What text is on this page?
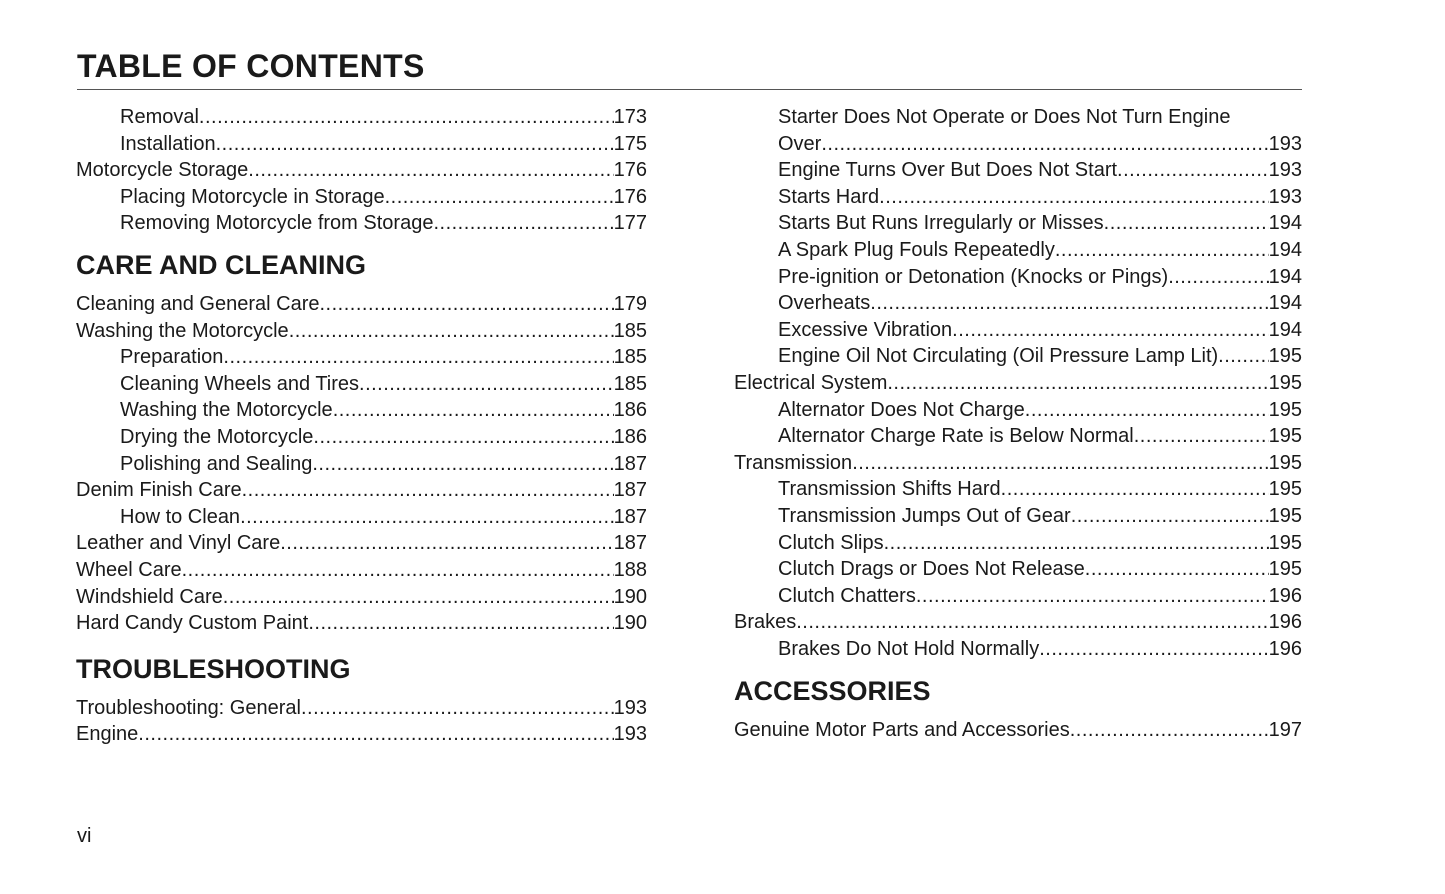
TABLE OF CONTENTS
Removal .....	173
Installation .....	175
Motorcycle Storage .....	176
Placing Motorcycle in Storage .....	176
Removing Motorcycle from Storage .....	177
CARE AND CLEANING
Cleaning and General Care .....	179
Washing the Motorcycle .....	185
Preparation .....	185
Cleaning Wheels and Tires .....	185
Washing the Motorcycle .....	186
Drying the Motorcycle .....	186
Polishing and Sealing .....	187
Denim Finish Care .....	187
How to Clean .....	187
Leather and Vinyl Care .....	187
Wheel Care .....	188
Windshield Care .....	190
Hard Candy Custom Paint .....	190
TROUBLESHOOTING
Troubleshooting: General .....	193
Engine .....	193
Starter Does Not Operate or Does Not Turn Engine
Over .....	193
Engine Turns Over But Does Not Start .....	193
Starts Hard .....	193
Starts But Runs Irregularly or Misses .....	194
A Spark Plug Fouls Repeatedly .....	194
Pre-ignition or Detonation (Knocks or Pings) .....	194
Overheats .....	194
Excessive Vibration .....	194
Engine Oil Not Circulating (Oil Pressure Lamp Lit) .....	195
Electrical System .....	195
Alternator Does Not Charge .....	195
Alternator Charge Rate is Below Normal .....	195
Transmission .....	195
Transmission Shifts Hard .....	195
Transmission Jumps Out of Gear .....	195
Clutch Slips .....	195
Clutch Drags or Does Not Release .....	195
Clutch Chatters .....	196
Brakes .....	196
Brakes Do Not Hold Normally .....	196
ACCESSORIES
Genuine Motor Parts and Accessories .....	197
vi
